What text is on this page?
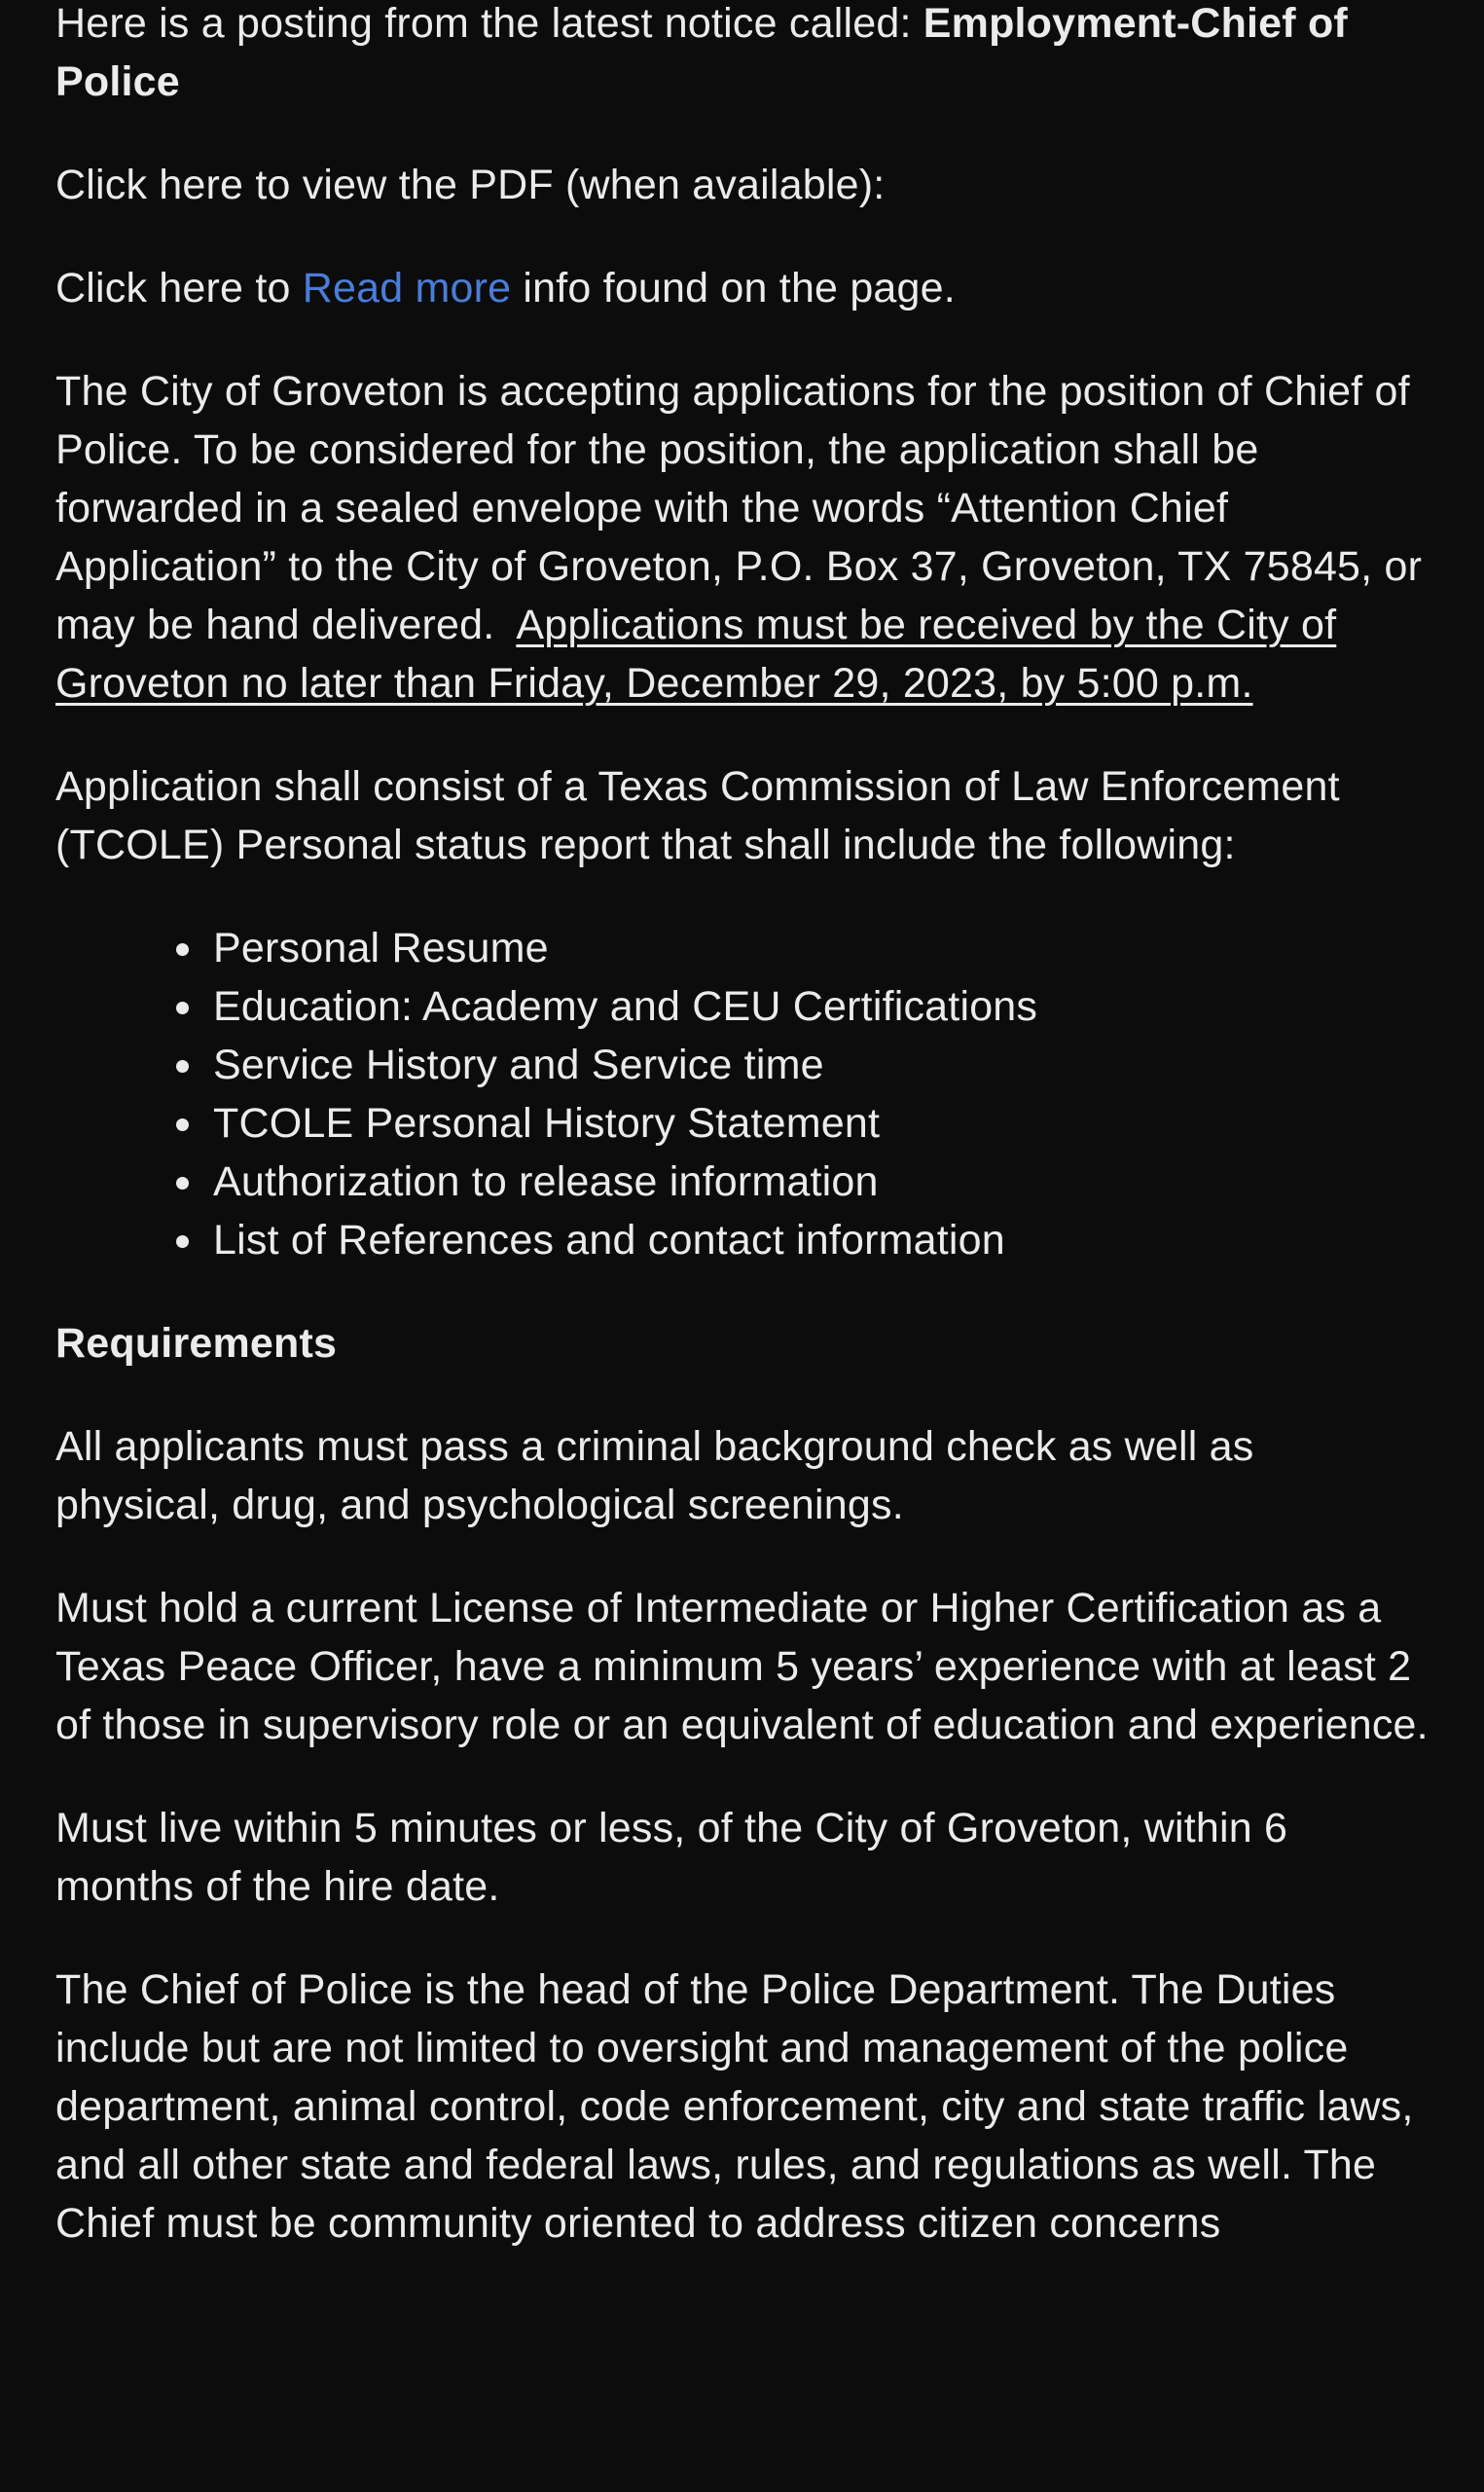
Here is a posting from the latest notice called: Employment-Chief of Police

Click here to view the PDF (when available):

Click here to Read more info found on the page.

The City of Groveton is accepting applications for the position of Chief of Police. To be considered for the position, the application shall be forwarded in a sealed envelope with the words “Attention Chief Application” to the City of Groveton, P.O. Box 37, Groveton, TX 75845, or may be hand delivered.  Applications must be received by the City of Groveton no later than Friday, December 29, 2023, by 5:00 p.m.

Application shall consist of a Texas Commission of Law Enforcement (TCOLE) Personal status report that shall include the following:

• Personal Resume
• Education: Academy and CEU Certifications
• Service History and Service time
• TCOLE Personal History Statement
• Authorization to release information
• List of References and contact information
Requirements

All applicants must pass a criminal background check as well as physical, drug, and psychological screenings.

Must hold a current License of Intermediate or Higher Certification as a Texas Peace Officer, have a minimum 5 years’ experience with at least 2 of those in supervisory role or an equivalent of education and experience.

Must live within 5 minutes or less, of the City of Groveton, within 6 months of the hire date.

The Chief of Police is the head of the Police Department. The Duties include but are not limited to oversight and management of the police department, animal control, code enforcement, city and state traffic laws, and all other state and federal laws, rules, and regulations as well. The Chief must be community oriented to address citizen concerns
